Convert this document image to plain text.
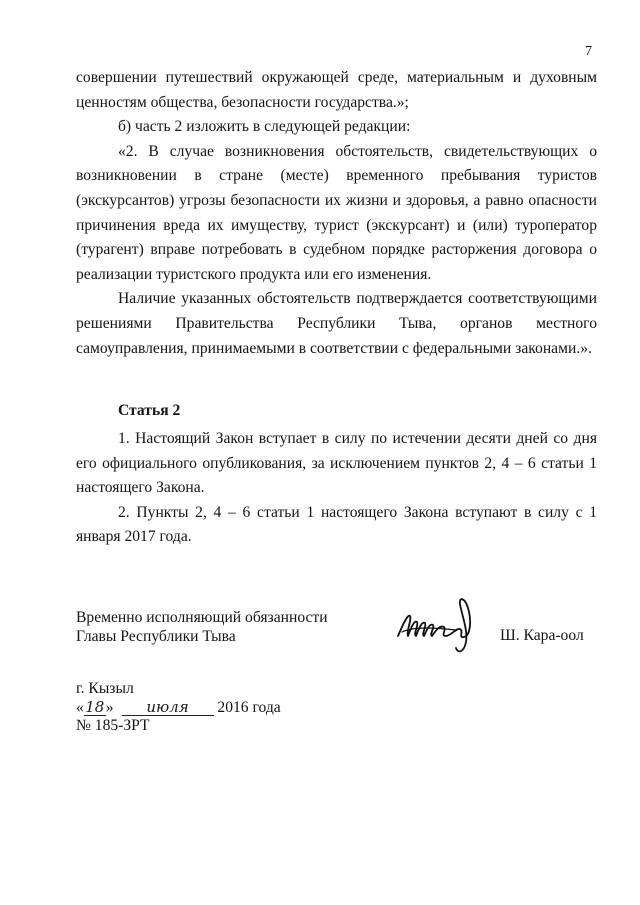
7

совершении путешествий окружающей среде, материальным и духовным ценностям общества, безопасности государства.»;

б) часть 2 изложить в следующей редакции:

«2. В случае возникновения обстоятельств, свидетельствующих о возникновении в стране (месте) временного пребывания туристов (экскурсантов) угрозы безопасности их жизни и здоровья, а равно опасности причинения вреда их имуществу, турист (экскурсант) и (или) туроператор (турагент) вправе потребовать в судебном порядке расторжения договора о реализации туристского продукта или его изменения.

Наличие указанных обстоятельств подтверждается соответствующими решениями Правительства Республики Тыва, органов местного самоуправления, принимаемыми в соответствии с федеральными законами.».

Статья 2

1. Настоящий Закон вступает в силу по истечении десяти дней со дня его официального опубликования, за исключением пунктов 2, 4 – 6 статьи 1 настоящего Закона.

2. Пункты 2, 4 – 6 статьи 1 настоящего Закона вступают в силу с 1 января 2017 года.

Временно исполняющий обязанности
Главы Республики Тыва	Ш. Кара-оол
г. Кызыл
«18» июля 2016 года
№ 185-ЗРТ
